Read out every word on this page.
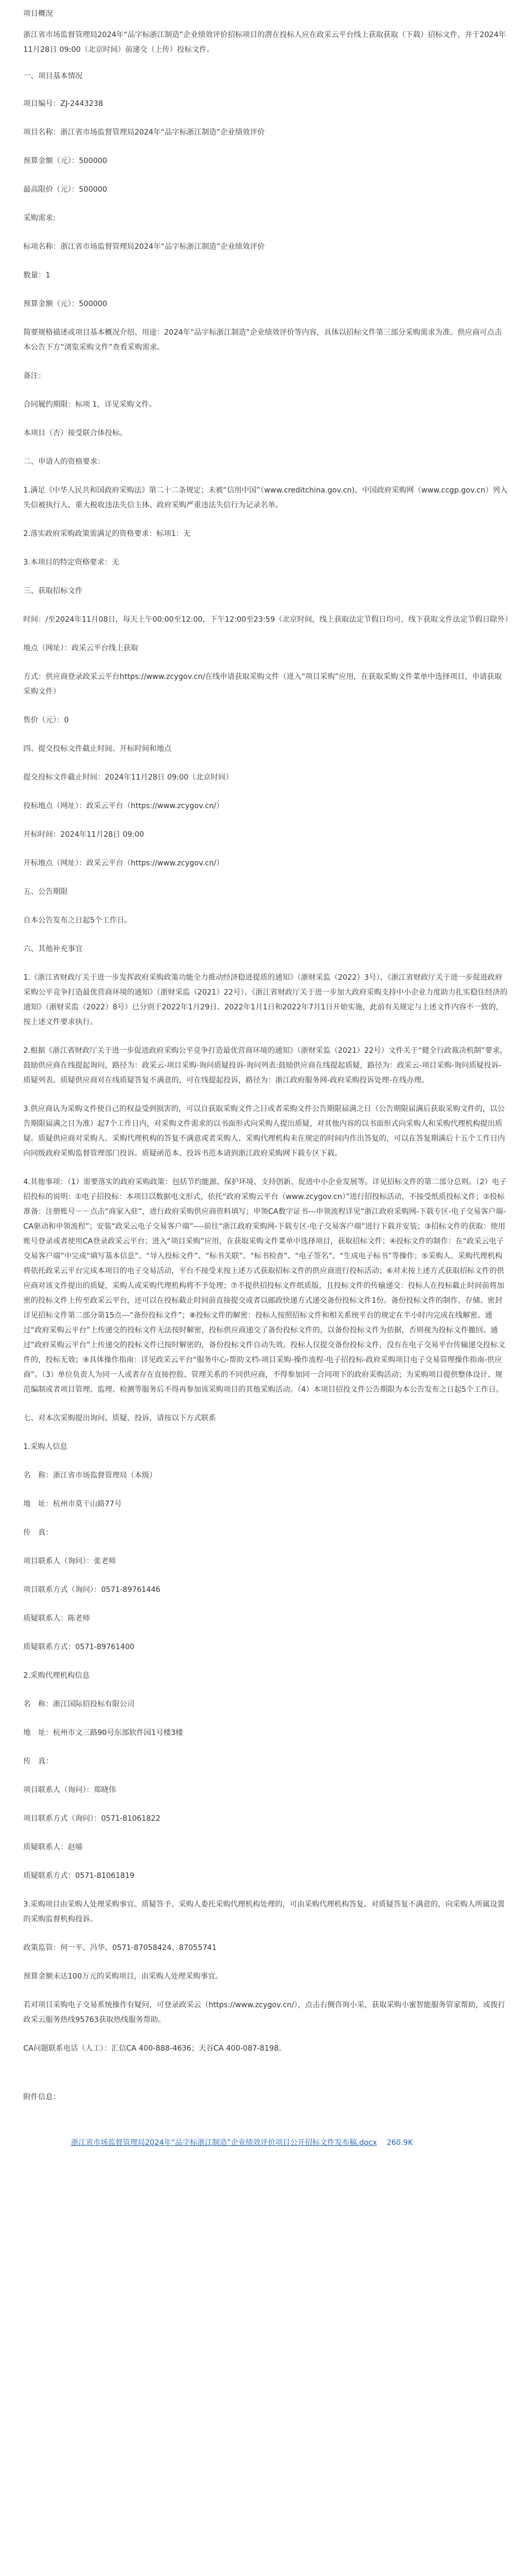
项目概况
浙江省市场监督管理局2024年“品字标浙江制造”企业绩效评价招标项目的潜在投标人应在政采云平台线上获取获取（下载）招标文件，并于2024年11月28日 09:00（北京时间）前递交（上传）投标文件。
一、项目基本情况
项目编号：ZJ-2443238
项目名称：浙江省市场监督管理局2024年“品字标浙江制造”企业绩效评价
预算金额（元）：500000
最高限价（元）：500000
采购需求:
标项名称：浙江省市场监督管理局2024年“品字标浙江制造”企业绩效评价
数量：1
预算金额（元）：500000
简要规格描述或项目基本概况介绍、用途：2024年“品字标浙江制造”企业绩效评价等内容，具体以招标文件第三部分采购需求为准。供应商可点击本公告下方“浏览采购文件”查看采购需求。
备注：
合同履约期限：标项 1，详见采购文件。
本项目（否）接受联合体投标。
二、申请人的资格要求：
1.满足《中华人民共和国政府采购法》第二十二条规定；未被“信用中国”（www.creditchina.gov.cn)、中国政府采购网（www.ccgp.gov.cn）列入失信被执行人、重大税收违法失信主体、政府采购严重违法失信行为记录名单。
2.落实政府采购政策需满足的资格要求：标项1：无
3.本项目的特定资格要求：无
三、获取招标文件
时间：/至2024年11月08日，每天上午00:00至12:00，下午12:00至23:59（北京时间，线上获取法定节假日均可，线下获取文件法定节假日除外）
地点（网址）：政采云平台线上获取
方式：供应商登录政采云平台https://www.zcygov.cn/在线申请获取采购文件（进入“项目采购”应用，在获取采购文件菜单中选择项目，申请获取采购文件）
售价（元）：0
四、提交投标文件截止时间、开标时间和地点
提交投标文件截止时间：2024年11月28日 09:00（北京时间）
投标地点（网址）：政采云平台（https://www.zcygov.cn/）
开标时间：2024年11月28日 09:00
开标地点（网址）：政采云平台（https://www.zcygov.cn/）
五、公告期限
自本公告发布之日起5个工作日。
六、其他补充事宜
1.《浙江省财政厅关于进一步发挥政府采购政策功能全力推动经济稳进提质的通知》（浙财采监（2022）3号）、《浙江省财政厅关于进一步促进政府采购公平竞争打造最优营商环境的通知》（浙财采监（2021）22号）、《浙江省财政厅关于进一步加大政府采购支持中小企业力度助力扎实稳住经济的通知》（浙财采监（2022）8号）已分别于2022年1月29日、2022年1月1日和2022年7月1日开始实施，此前有关规定与上述文件内容不一致的，按上述文件要求执行。
2.根据《浙江省财政厅关于进一步促进政府采购公平竞争打造最优营商环境的通知》（浙财采监（2021）22号）文件关于“健全行政裁决机制”要求，鼓励供应商在线提起询问，路径为：政采云-项目采购-询问质疑投诉-询问列表:鼓励供应商在线提起质疑，路径为：政采云-项目采购-询问质疑投诉-质疑列表。质疑供应商对在线质疑答复不满意的，可在线提起投诉，路径为：浙江政府服务网-政府采购投诉处理-在线办理。
3.供应商认为采购文件使自己的权益受到损害的，可以自获取采购文件之日或者采购文件公告期限届满之日（公告期限届满后获取采购文件的，以公告期限届满之日为准）起7个工作日内，对采购文件需求的以书面形式向采购人提出质疑，对其他内容的以书面形式向采购人和采购代理机构提出质疑。质疑供应商对采购人、采购代理机构的答复不满意或者采购人、采购代理机构未在规定的时间内作出答复的，可以在答复期满后十五个工作日内向同级政府采购监督管理部门投诉。质疑函范本、投诉书范本请到浙江政府采购网下载专区下载。
4.其他事项：（1）需要落实的政府采购政策：包括节约能源、保护环境、支持创新、促进中小企业发展等。详见招标文件的第二部分总则。（2）电子招投标的说明：①电子招投标：本项目以数据电文形式，依托“政府采购云平台（www.zcygov.cn）”进行招投标活动，不接受纸质投标文件；②投标准备：注册账号－－点击“商家入驻”，进行政府采购供应商资料填写；申领CA数字证书---申领流程详见“浙江政府采购网-下载专区-电子交易客户端-CA驱动和申领流程”；安装“政采云电子交易客户端”----前往“浙江政府采购网-下载专区-电子交易客户端”进行下载并安装；③招标文件的获取：使用账号登录或者使用CA登录政采云平台；进入“项目采购”应用，在获取采购文件菜单中选择项目，获取招标文件；④投标文件的制作：在“政采云电子交易客户端”中完成“填写基本信息”、“导入投标文件”、“标书关联”、“标书检查”、“电子签名”、“生成电子标书”等操作；⑤采购人、采购代理机构将依托政采云平台完成本项目的电子交易活动，平台不接受未按上述方式获取招标文件的供应商进行投标活动；⑥对未按上述方式获取招标文件的供应商对该文件提出的质疑，采购人或采购代理机构将不予处理；⑦不提供招投标文件纸质版，且投标文件的传输递交：投标人在投标截止时间前将加密的投标文件上传至政采云平台，还可以在投标截止时间前直接提交或者以邮政快递方式递交备份投标文件1份。备份投标文件的制作、存储、密封详见招标文件第二部分第15点---“备份投标文件”；⑧投标文件的解密：投标人按照招标文件和相关系统平台的规定在半小时内完成在线解密。通过“政府采购云平台”上传递交的投标文件无法按时解密，投标供应商递交了备份投标文件的，以备份投标文件为依据，否则视为投标文件撤回。通过“政府采购云平台”上传递交的投标文件已按时解密的，备份投标文件自动失效。投标人仅提交备份投标文件，没有在电子交易平台传输递交投标文件的，投标无效；⑨具体操作指南：详见政采云平台“服务中心-帮助文档-项目采购-操作流程-电子招投标-政府采购项目电子交易管理操作指南-供应商”。（3）单位负责人为同一人或者存在直接控股、管理关系的不同供应商，不得参加同一合同项下的政府采购活动；为采购项目提供整体设计、规范编制或者项目管理、监理、检测等服务后不得再参加该采购项目的其他采购活动。（4）本项目招投文件公告期限为本公告发布之日起5个工作日。
七、对本次采购提出询问、质疑、投诉，请按以下方式联系
1.采购人信息
名　称：浙江省市场监督管理局（本级）
地　址：杭州市莫干山路77号
传　真：
项目联系人（询问）：张老师
项目联系方式（询问）：0571-89761446
质疑联系人：陈老师
质疑联系方式：0571-89761400
2.采购代理机构信息
名　称：浙江国际招投标有限公司
地　址：杭州市文三路90号东部软件园1号楼3楼
传　真：
项目联系人（询问）：郑晓伟
项目联系方式（询问）：0571-81061822
质疑联系人：赵喵
质疑联系方式：0571-81061819
3.采购项目由采购人处理采购事宜。质疑答予、采购人委托采购代理机构处理的，可由采购代理机构答复。对质疑答复不满意的，向采购人所属设置的采购监督机构投诉。
政策监管：何一平、冯华、0571-87058424、87055741
预算金额未达100万元的采购项目，由采购人处理采购事宜。
若对项目采购电子交易系统操作有疑问，可登录政采云（https://www.zcygov.cn/），点击右侧咨询小采，获取采购小蜜智能服务管家帮助，或拨打政采云服务热线95763获取热线服务帮助。
CA问题联系电话（人工）：汇信CA 400-888-4636；天谷CA 400-087-8198。
附件信息：
浙江省市场监督管理局2024年“品字标浙江制造”企业绩效评价项目公开招标文件发布稿.docx 260.9K
